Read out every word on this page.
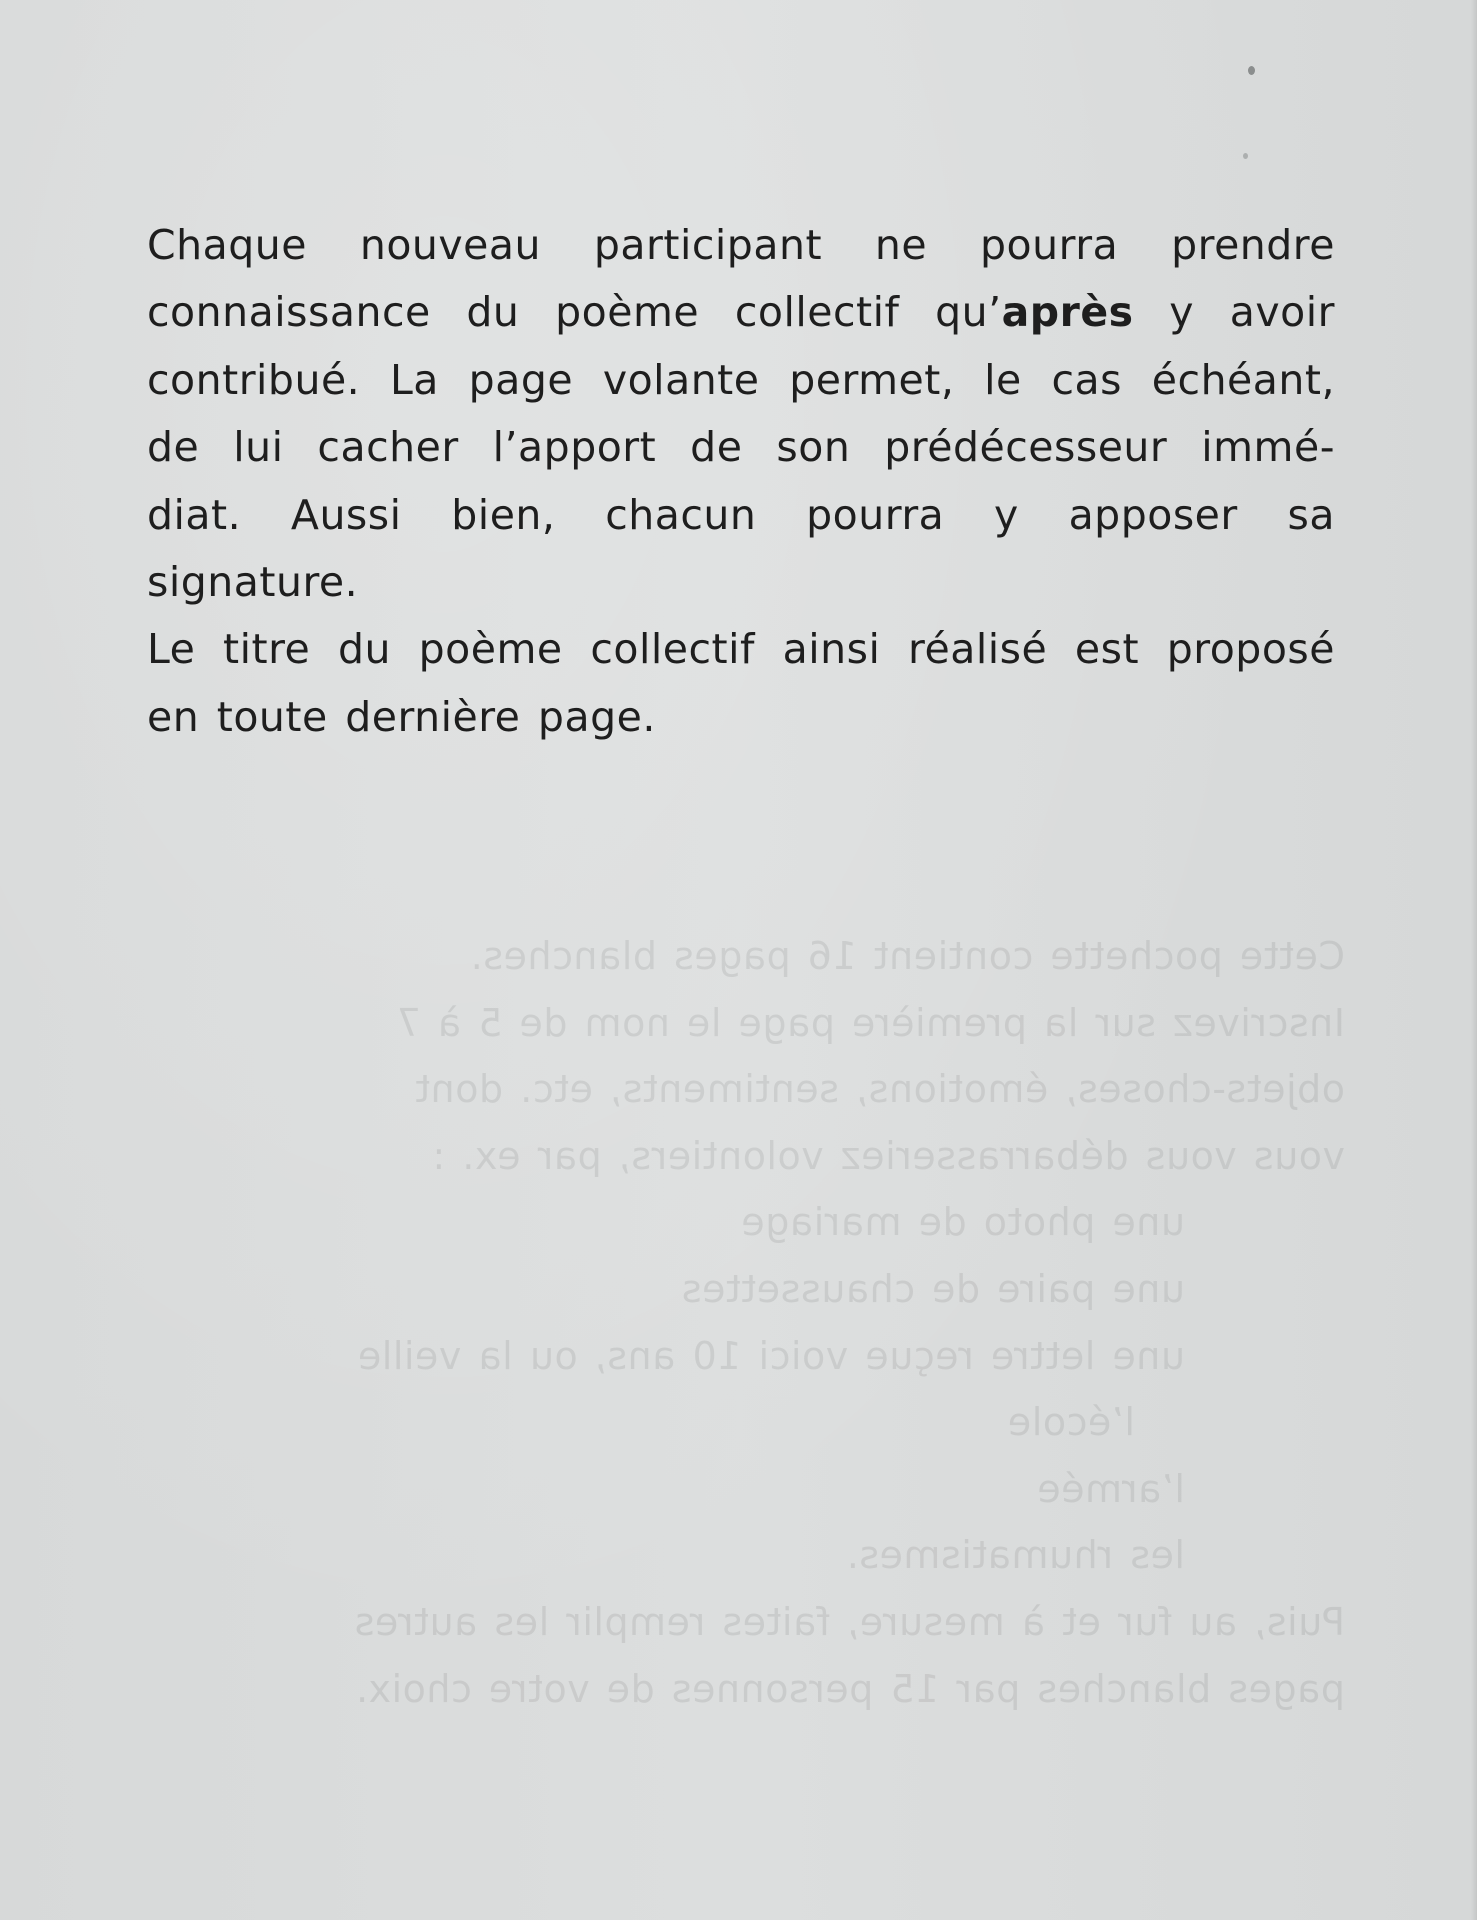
Cette pochette contient 16 pages blanches.

Inscrivez sur la première page le nom de 5 à 7

objets-choses, émotions, sentiments, etc. dont

vous vous débarrasseriez volontiers, par ex. :

une photo de mariage

une paire de chaussettes

une lettre reçue voici 10 ans, ou la veille

l’école

l’armée

les rhumatismes.

Puis, au fur et à mesure, faites remplir les autres

pages blanches par 15 personnes de votre choix.

Chaque nouveau participant ne pourra prendre

connaissance du poème collectif qu’après y avoir

contribué. La page volante permet, le cas échéant,

de lui cacher l’apport de son prédécesseur immé-

diat. Aussi bien, chacun pourra y apposer sa

signature.

Le titre du poème collectif ainsi réalisé est proposé

en toute dernière page.
